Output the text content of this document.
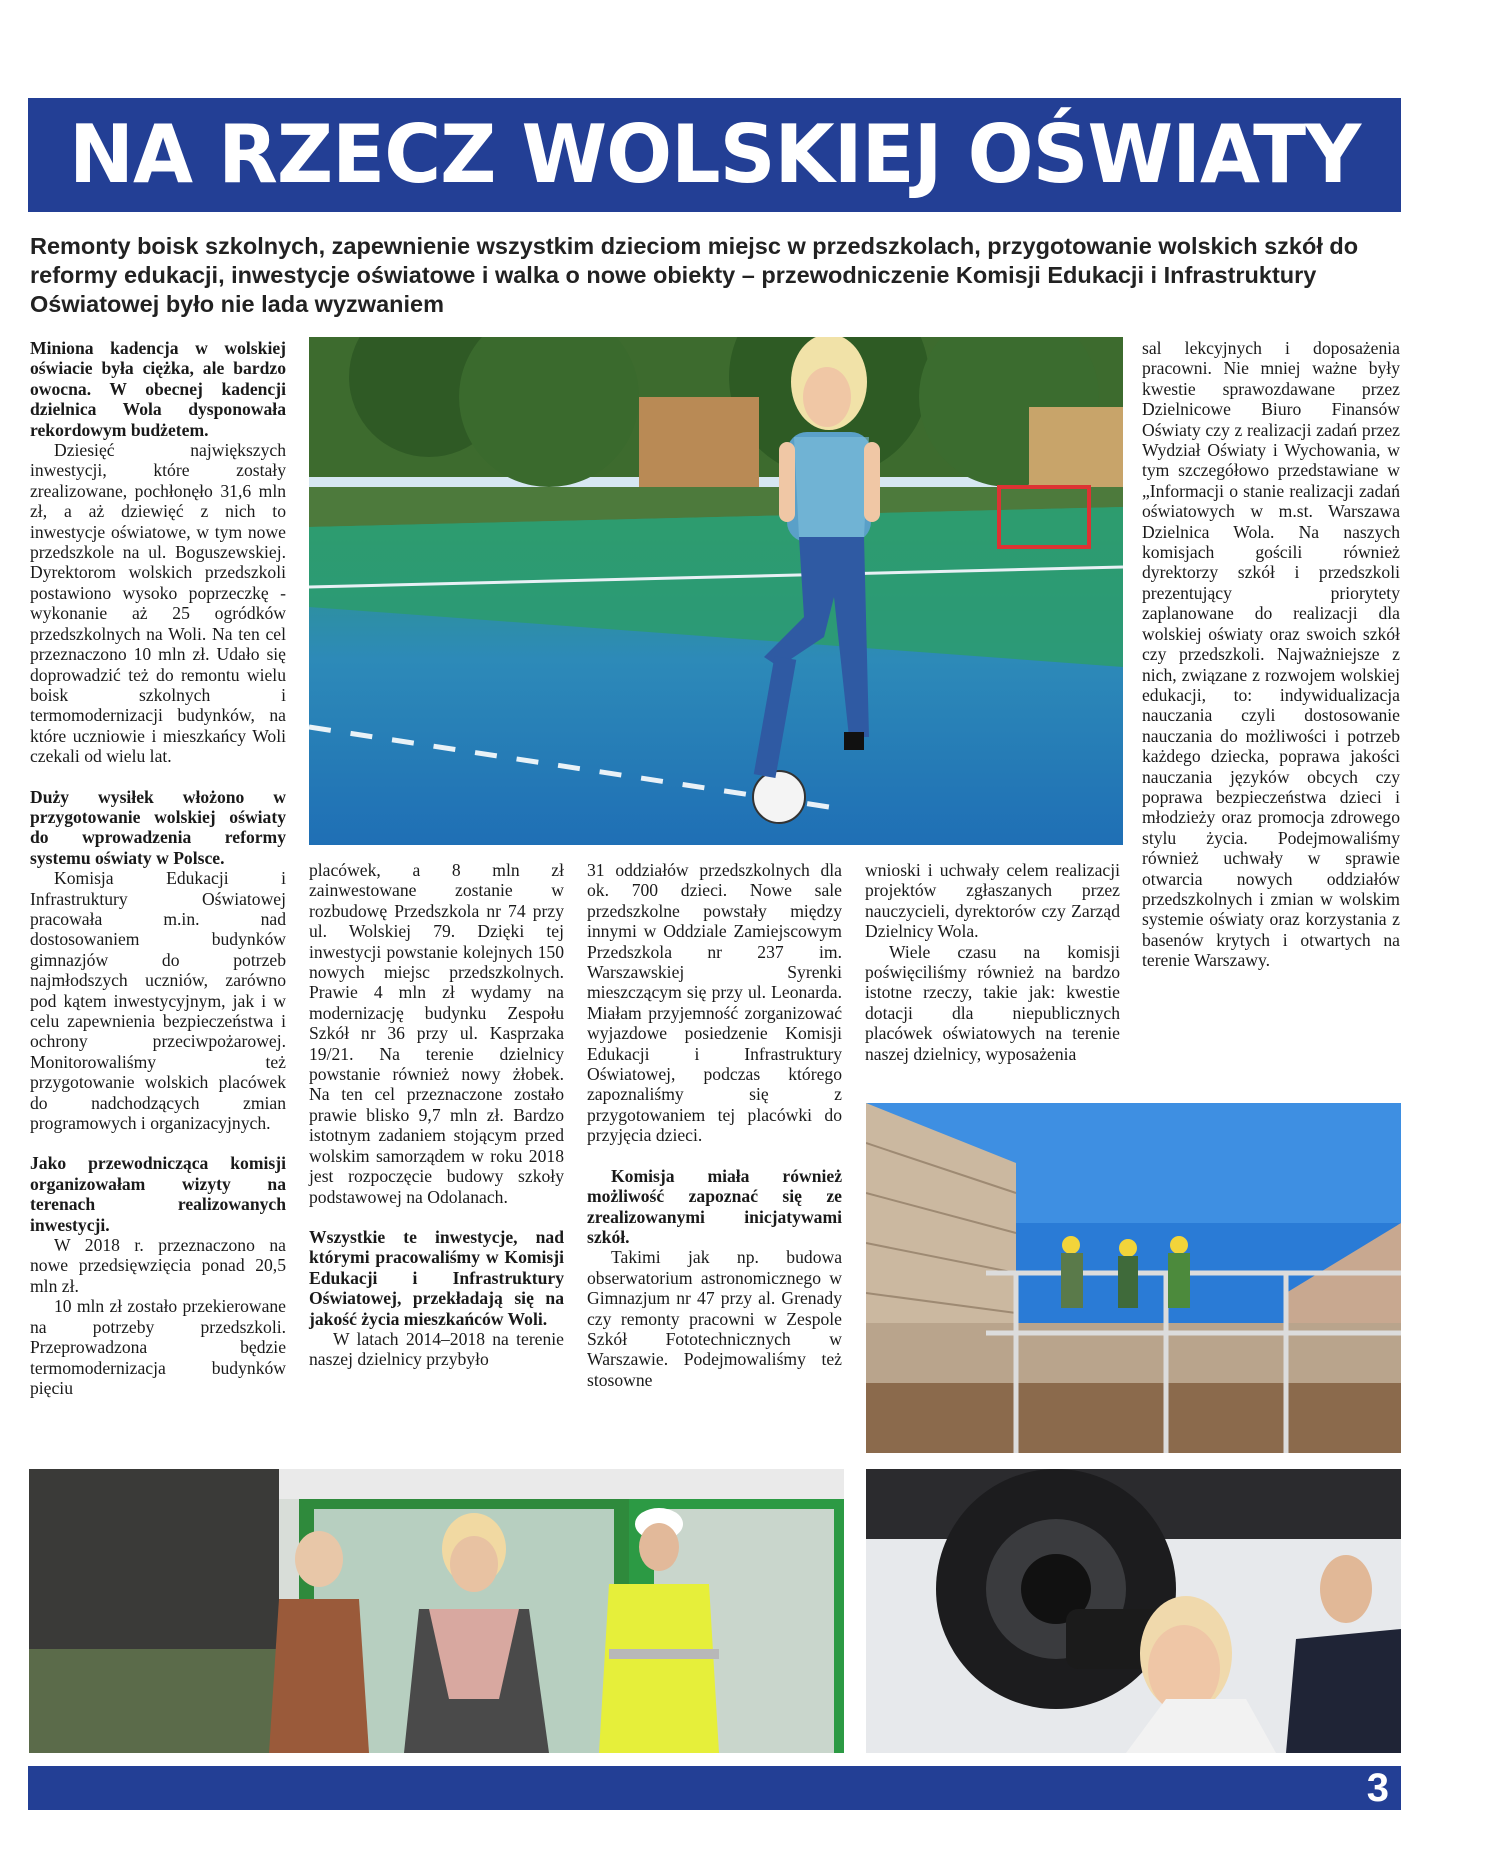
NA RZECZ WOLSKIEJ OŚWIATY
Remonty boisk szkolnych, zapewnienie wszystkim dzieciom miejsc w przedszkolach, przygotowanie wolskich szkół do reformy edukacji, inwestycje oświatowe i walka o nowe obiekty – przewodniczenie Komisji Edukacji i Infrastruktury Oświatowej było nie lada wyzwaniem

Miniona kadencja w wolskiej oświacie była ciężka, ale bardzo owocna. W obecnej kadencji dzielnica Wola dysponowała rekordowym budżetem.

Dziesięć największych inwestycji, które zostały zrealizowane, pochłonęło 31,6 mln zł, a aż dziewięć z nich to inwestycje oświatowe, w tym nowe przedszkole na ul. Boguszewskiej. Dyrektorom wolskich przedszkoli postawiono wysoko poprzeczkę - wykonanie aż 25 ogródków przedszkolnych na Woli. Na ten cel przeznaczono 10 mln zł. Udało się doprowadzić też do remontu wielu boisk szkolnych i termomodernizacji budynków, na które uczniowie i mieszkańcy Woli czekali od wielu lat.

Duży wysiłek włożono w przygotowanie wolskiej oświaty do wprowadzenia reformy systemu oświaty w Polsce.

Komisja Edukacji i Infrastruktury Oświatowej pracowała m.in. nad dostosowaniem budynków gimnazjów do potrzeb najmłodszych uczniów, zarówno pod kątem inwestycyjnym, jak i w celu zapewnienia bezpieczeństwa i ochrony przeciwpożarowej. Monitorowaliśmy też przygotowanie wolskich placówek do nadchodzących zmian programowych i organizacyjnych.

Jako przewodnicząca komisji organizowałam wizyty na terenach realizowanych inwestycji.

W 2018 r. przeznaczono na nowe przedsięwzięcia ponad 20,5 mln zł.

10 mln zł zostało przekierowane na potrzeby przedszkoli. Przeprowadzona będzie termomodernizacja budynków pięciu

placówek, a 8 mln zł zainwestowane zostanie w rozbudowę Przedszkola nr 74 przy ul. Wolskiej 79. Dzięki tej inwestycji powstanie kolejnych 150 nowych miejsc przedszkolnych. Prawie 4 mln zł wydamy na modernizację budynku Zespołu Szkół nr 36 przy ul. Kasprzaka 19/21. Na terenie dzielnicy powstanie również nowy żłobek. Na ten cel przeznaczone zostało prawie blisko 9,7 mln zł. Bardzo istotnym zadaniem stojącym przed wolskim samorządem w roku 2018 jest rozpoczęcie budowy szkoły podstawowej na Odolanach.

Wszystkie te inwestycje, nad którymi pracowaliśmy w Komisji Edukacji i Infrastruktury Oświatowej, przekładają się na jakość życia mieszkańców Woli.

W latach 2014–2018 na terenie naszej dzielnicy przybyło

31 oddziałów przedszkolnych dla ok. 700 dzieci. Nowe sale przedszkolne powstały między innymi w Oddziale Zamiejscowym Przedszkola nr 237 im. Warszawskiej Syrenki mieszczącym się przy ul. Leonarda. Miałam przyjemność zorganizować wyjazdowe posiedzenie Komisji Edukacji i Infrastruktury Oświatowej, podczas którego zapoznaliśmy się z przygotowaniem tej placówki do przyjęcia dzieci.

Komisja miała również możliwość zapoznać się ze zrealizowanymi inicjatywami szkół.

Takimi jak np. budowa obserwatorium astronomicznego w Gimnazjum nr 47 przy al. Grenady czy remonty pracowni w Zespole Szkół Fototechnicznych w Warszawie. Podejmowaliśmy też stosowne

wnioski i uchwały celem realizacji projektów zgłaszanych przez nauczycieli, dyrektorów czy Zarząd Dzielnicy Wola.

Wiele czasu na komisji poświęciliśmy również na bardzo istotne rzeczy, takie jak: kwestie dotacji dla niepublicznych placówek oświatowych na terenie naszej dzielnicy, wyposażenia

sal lekcyjnych i doposażenia pracowni. Nie mniej ważne były kwestie sprawozdawane przez Dzielnicowe Biuro Finansów Oświaty czy z realizacji zadań przez Wydział Oświaty i Wychowania, w tym szczegółowo przedstawiane w „Informacji o stanie realizacji zadań oświatowych w m.st. Warszawa Dzielnica Wola. Na naszych komisjach gościli również dyrektorzy szkół i przedszkoli prezentujący priorytety zaplanowane do realizacji dla wolskiej oświaty oraz swoich szkół czy przedszkoli. Najważniejsze z nich, związane z rozwojem wolskiej edukacji, to: indywidualizacja nauczania czyli dostosowanie nauczania do możliwości i potrzeb każdego dziecka, poprawa jakości nauczania języków obcych czy poprawa bezpieczeństwa dzieci i młodzieży oraz promocja zdrowego stylu życia. Podejmowaliśmy również uchwały w sprawie otwarcia nowych oddziałów przedszkolnych i zmian w wolskim systemie oświaty oraz korzystania z basenów krytych i otwartych na terenie Warszawy.

3
